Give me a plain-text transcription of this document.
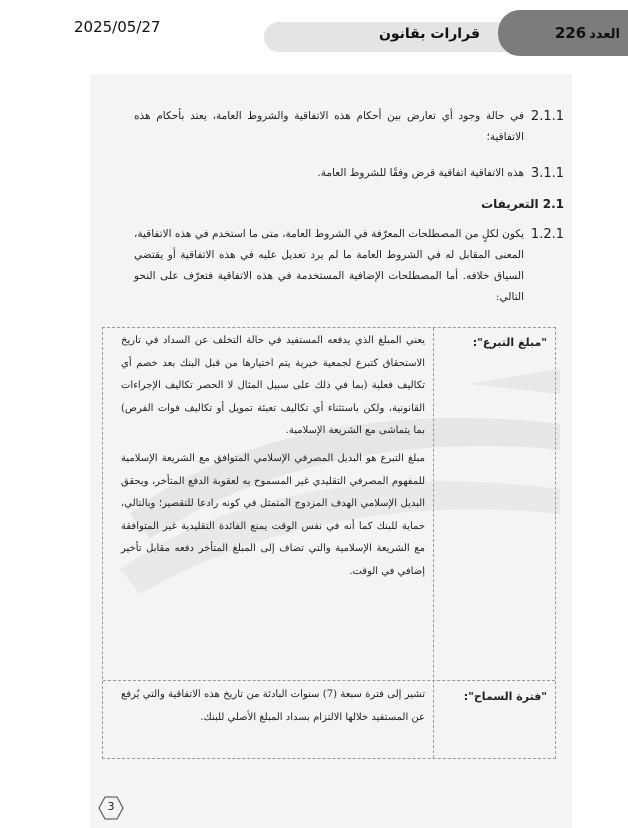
2025/05/27	قرارات بقانون	العدد226
2.1.1
في حالة وجود أي تعارض بين أحكام هذه الاتفاقية والشروط العامة، يعتد بأحكام هذه الاتفاقية؛
3.1.1
هذه الاتفاقية اتفاقية قرض وفقًا للشروط العامة.
2.1 التعريفات
1.2.1
يكون لكلٍ من المصطلحات المعرّفة في الشروط العامة، متى ما استخدم في هذه الاتفاقية، المعنى المقابل له في الشروط العامة ما لم يرد تعديل عليه في هذه الاتفاقية أو يقتضي السياق خلافه. أما المصطلحات الإضافية المستخدمة في هذه الاتفاقية فتعرّف على النحو التالي:
"مبلغ التبرع":
يعني المبلغ الذي يدفعه المستفيد في حالة التخلف عن السداد في تاريخ الاستحقاق كتبرع لجمعية خيرية يتم اختيارها من قبل البنك بعد خصم أي تكاليف فعلية (بما في ذلك على سبيل المثال لا الحصر تكاليف الإجراءات القانونية، ولكن باستثناء أي تكاليف تعبئة تمويل أو تكاليف فوات الفرص) بما يتماشى مع الشريعة الإسلامية.
مبلغ التبرع هو البديل المصرفي الإسلامي المتوافق مع الشريعة الإسلامية للمفهوم المصرفي التقليدي غير المسموح به لعقوبة الدفع المتأخر، ويحقق البديل الإسلامي الهدف المزدوج المتمثل في كونه رادعا للتقصير؛ وبالتالي، حماية للبنك كما أنه في نفس الوقت يمنع الفائدة التقليدية غير المتوافقة مع الشريعة الإسلامية والتي تضاف إلى المبلغ المتأخر دفعه مقابل تأخير إضافي في الوقت.
"فترة السماح":
تشير إلى فترة سبعة (7) سنوات البادئة من تاريخ هذه الاتفاقية والتي يُرفع عن المستفيد خلالها الالتزام بسداد المبلغ الأصلي للبنك.
3
